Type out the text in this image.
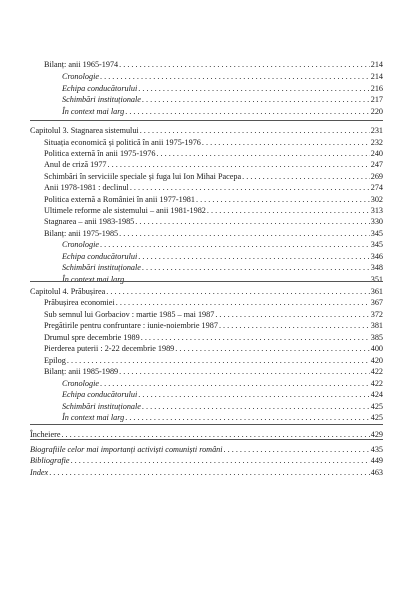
Bilanț: anii 1965-1974 . . .	214
Cronologie . . .	214
Echipa conducătorului . . .	216
Schimbări instituționale . . .	217
În context mai larg . . .	220
Capitolul 3. Stagnarea sistemului . . .	231
Situația economică și politică în anii 1975-1976 . . .	232
Politica externă în anii 1975-1976 . . .	240
Anul de criză 1977 . . .	247
Schimbări în serviciile speciale și fuga lui Ion Mihai Pacepa . . .	269
Anii 1978-1981 : declinul . . .	274
Politica externă a României în anii 1977-1981 . . .	302
Ultimele reforme ale sistemului – anii 1981-1982 . . .	313
Stagnarea – anii 1983-1985 . . .	330
Bilanț: anii 1975-1985 . . .	345
Cronologie . . .	345
Echipa conducătorului . . .	346
Schimbări instituționale . . .	348
În context mai larg . . .	351
Capitolul 4. Prăbușirea . . .	361
Prăbușirea economiei . . .	367
Sub semnul lui Gorbaciov : martie 1985 – mai 1987 . . .	372
Pregătirile pentru confruntare : iunie-noiembrie 1987 . . .	381
Drumul spre decembrie 1989 . . .	385
Pierderea puterii : 2-22 decembrie 1989 . . .	400
Epilog . . .	420
Bilanț: anii 1985-1989 . . .	422
Cronologie . . .	422
Echipa conducătorului . . .	424
Schimbări instituționale . . .	425
În context mai larg . . .	425
Încheiere . . .	429
Biografiile celor mai importanți activiști comuniști români . . .	435
Bibliografie . . .	449
Index . . .	463
